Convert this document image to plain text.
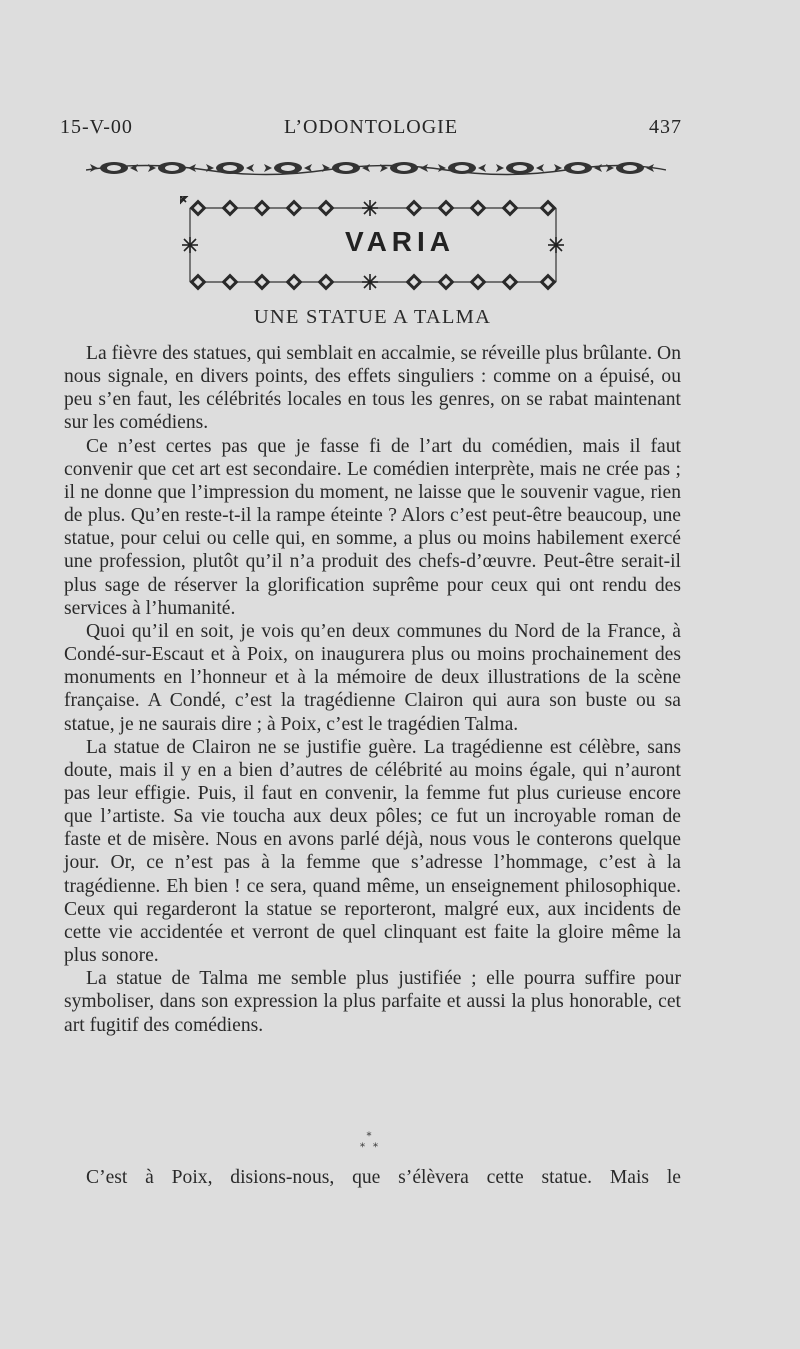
15-V-00	L’ODONTOLOGIE	437
VARIA
UNE STATUE A TALMA

La fièvre des statues, qui semblait en accalmie, se réveille plus brûlante. On nous signale, en divers points, des effets singuliers : comme on a épuisé, ou peu s’en faut, les célébrités locales en tous les genres, on se rabat maintenant sur les comédiens.

Ce n’est certes pas que je fasse fi de l’art du comédien, mais il faut convenir que cet art est secondaire. Le comédien interprète, mais ne crée pas ; il ne donne que l’impression du moment, ne laisse que le souvenir vague, rien de plus. Qu’en reste-t-il la rampe éteinte ? Alors c’est peut-être beaucoup, une statue, pour celui ou celle qui, en somme, a plus ou moins habilement exercé une profession, plutôt qu’il n’a produit des chefs-d’œuvre. Peut-être serait-il plus sage de réserver la glorification suprême pour ceux qui ont rendu des services à l’humanité.

Quoi qu’il en soit, je vois qu’en deux communes du Nord de la France, à Condé-sur-Escaut et à Poix, on inaugurera plus ou moins prochainement des monuments en l’honneur et à la mémoire de deux illustrations de la scène française. A Condé, c’est la tragédienne Clairon qui aura son buste ou sa statue, je ne saurais dire ; à Poix, c’est le tragédien Talma.

La statue de Clairon ne se justifie guère. La tragédienne est célèbre, sans doute, mais il y en a bien d’autres de célébrité au moins égale, qui n’auront pas leur effigie. Puis, il faut en convenir, la femme fut plus curieuse encore que l’artiste. Sa vie toucha aux deux pôles; ce fut un incroyable roman de faste et de misère. Nous en avons parlé déjà, nous vous le conterons quelque jour. Or, ce n’est pas à la femme que s’adresse l’hommage, c’est à la tragédienne. Eh bien ! ce sera, quand même, un enseignement philosophique. Ceux qui regarderont la statue se reporteront, malgré eux, aux incidents de cette vie accidentée et verront de quel clinquant est faite la gloire même la plus sonore.

La statue de Talma me semble plus justifiée ; elle pourra suffire pour symboliser, dans son expression la plus parfaite et aussi la plus honorable, cet art fugitif des comédiens.

*
* *
C’est à Poix, disions-nous, que s’élèvera cette statue. Mais le
